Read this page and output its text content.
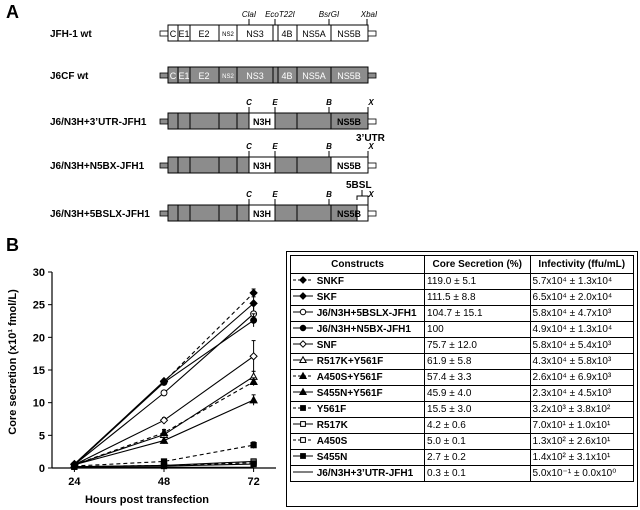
A
B
JFH-1 wt	C E1 E2 NS2 NS3 4B NS5A NS5B
ClaI EcoT22I	BsrGI	XbaI
J6CF wt	C E1 E2 NS2 NS3 4B NS5A NS5B
J6/N3H+3’UTR-JFH1	N3H	NS5B
C	E	B	X
3’UTR
J6/N3H+N5BX-JFH1	N3H	NS5B
C	E	B	X
J6/N3H+5BSLX-JFH1	N3H	NS5B
C	E	B	X
5BSL
0
5
10
15
20
25
30
24	48	72
Hours post transfection
Core secretion (x10¹ fmol/L)
Constructs		Core Secretion (%)	Infectivity (ffu/mL)
	SNKF	119.0 ± 5.1	5.7x10⁴ ± 1.3x10⁴
	SKF	111.5 ± 8.8	6.5x10⁴ ± 2.0x10⁴
	J6/N3H+5BSLX-JFH1	104.7 ± 15.1	5.8x10⁴ ± 4.7x10³
	J6/N3H+N5BX-JFH1	100	4.9x10⁴ ± 1.3x10⁴
	SNF	75.7 ± 12.0	5.8x10⁴ ± 5.4x10³
	R517K+Y561F	61.9 ± 5.8	4.3x10⁴ ± 5.8x10³
	A450S+Y561F	57.4 ± 3.3	2.6x10⁴ ± 6.9x10³
	S455N+Y561F	45.9 ± 4.0	2.3x10⁴ ± 4.5x10³
	Y561F	15.5 ± 3.0	3.2x10³ ± 3.8x10²
	R517K	4.2 ± 0.6	7.0x10¹ ± 1.0x10¹
	A450S	5.0 ± 0.1	1.3x10² ± 2.6x10¹
	S455N	2.7 ± 0.2	1.4x10² ± 3.1x10¹
	J6/N3H+3’UTR-JFH1	0.3 ± 0.1	5.0x10⁻¹ ± 0.0x10⁰
